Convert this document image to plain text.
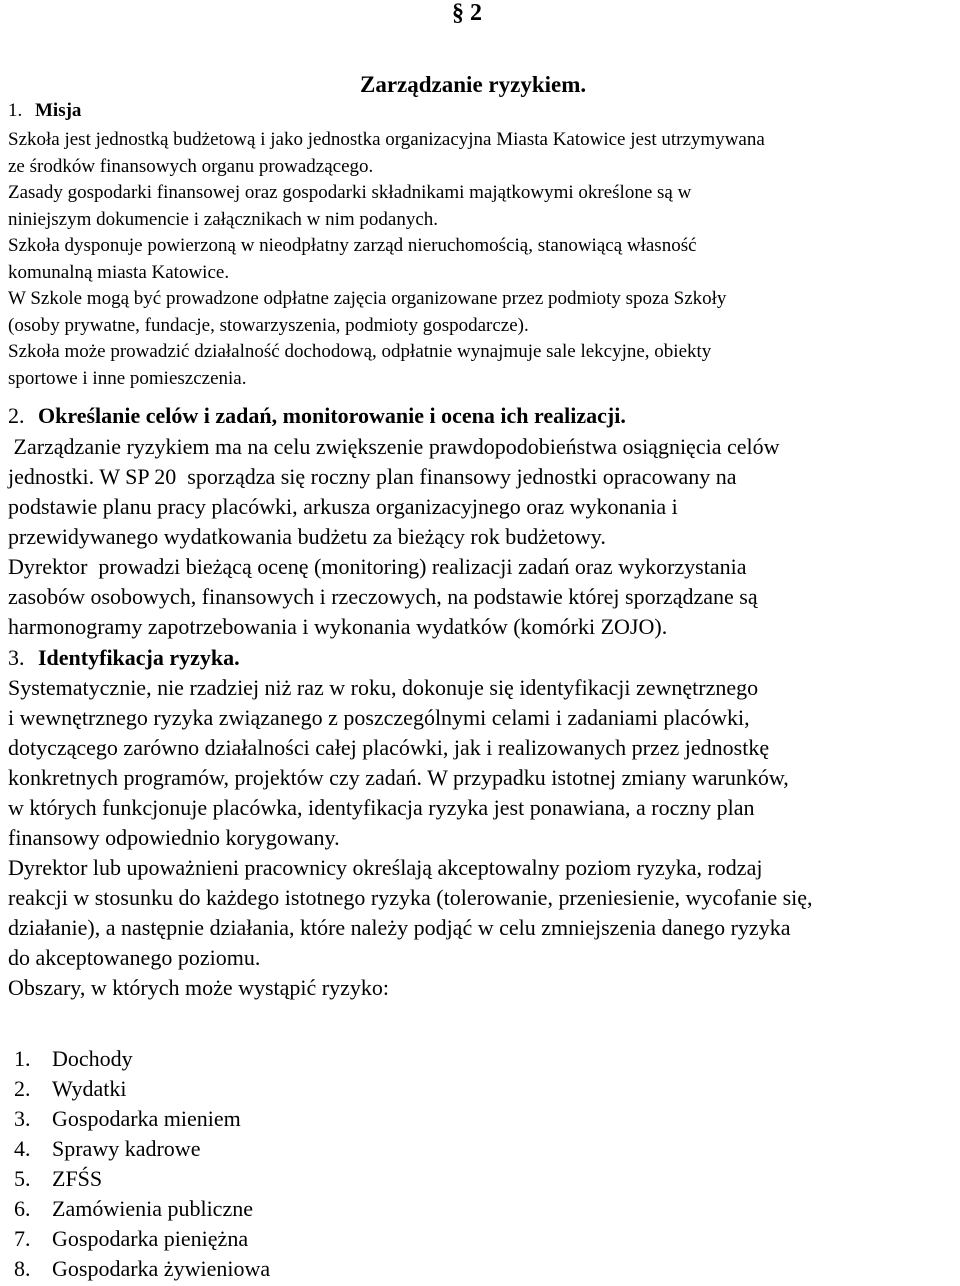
§ 2
Zarządzanie ryzykiem.
1. Misja
Szkoła jest jednostką budżetową i jako jednostka organizacyjna Miasta Katowice jest utrzymywana
ze środków finansowych organu prowadzącego.
Zasady gospodarki finansowej oraz gospodarki składnikami majątkowymi określone są w
niniejszym dokumencie i załącznikach w nim podanych.
Szkoła dysponuje powierzoną w nieodpłatny zarząd nieruchomością, stanowiącą własność
komunalną miasta Katowice.
W Szkole mogą być prowadzone odpłatne zajęcia organizowane przez podmioty spoza Szkoły
(osoby prywatne, fundacje, stowarzyszenia, podmioty gospodarcze).
Szkoła może prowadzić działalność dochodową, odpłatnie wynajmuje sale lekcyjne, obiekty
sportowe i inne pomieszczenia.
2. Określanie celów i zadań, monitorowanie i ocena ich realizacji.
Zarządzanie ryzykiem ma na celu zwiększenie prawdopodobieństwa osiągnięcia celów
jednostki. W SP 20  sporządza się roczny plan finansowy jednostki opracowany na
podstawie planu pracy placówki, arkusza organizacyjnego oraz wykonania i
przewidywanego wydatkowania budżetu za bieżący rok budżetowy.
Dyrektor  prowadzi bieżącą ocenę (monitoring) realizacji zadań oraz wykorzystania
zasobów osobowych, finansowych i rzeczowych, na podstawie której sporządzane są
harmonogramy zapotrzebowania i wykonania wydatków (komórki ZOJO).
3. Identyfikacja ryzyka.
Systematycznie, nie rzadziej niż raz w roku, dokonuje się identyfikacji zewnętrznego
i wewnętrznego ryzyka związanego z poszczególnymi celami i zadaniami placówki,
dotyczącego zarówno działalności całej placówki, jak i realizowanych przez jednostkę
konkretnych programów, projektów czy zadań. W przypadku istotnej zmiany warunków,
w których funkcjonuje placówka, identyfikacja ryzyka jest ponawiana, a roczny plan
finansowy odpowiednio korygowany.
Dyrektor lub upoważnieni pracownicy określają akceptowalny poziom ryzyka, rodzaj
reakcji w stosunku do każdego istotnego ryzyka (tolerowanie, przeniesienie, wycofanie się,
działanie), a następnie działania, które należy podjąć w celu zmniejszenia danego ryzyka
do akceptowanego poziomu.
Obszary, w których może wystąpić ryzyko:
1. Dochody
2. Wydatki
3. Gospodarka mieniem
4. Sprawy kadrowe
5. ZFŚS
6. Zamówienia publiczne
7. Gospodarka pieniężna
8. Gospodarka żywieniowa
